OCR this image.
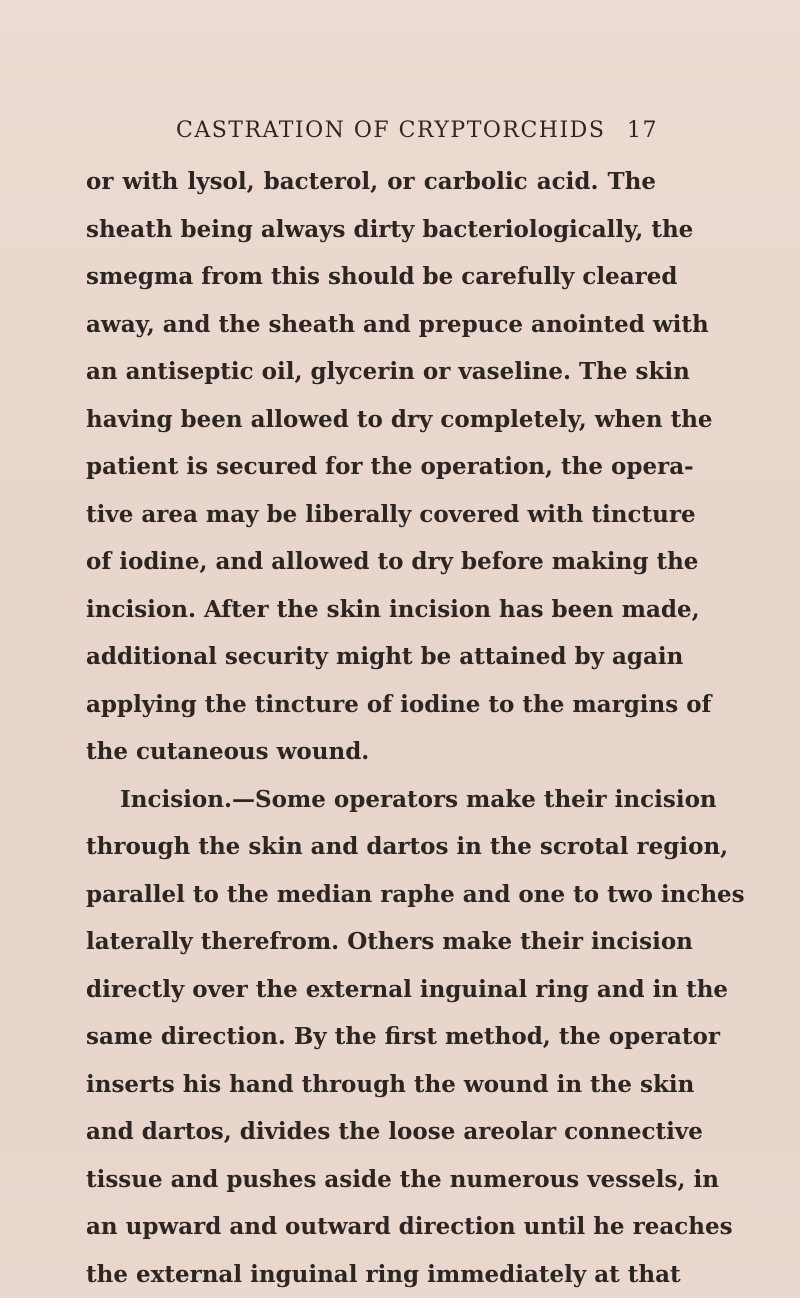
CASTRATION OF CRYPTORCHIDS 17
or with lysol, bacterol, or carbolic acid. The
sheath being always dirty bacteriologically, the
smegma from this should be carefully cleared
away, and the sheath and prepuce anointed with
an antiseptic oil, glycerin or vaseline. The skin
having been allowed to dry completely, when the
patient is secured for the operation, the opera-
tive area may be liberally covered with tincture
of iodine, and allowed to dry before making the
incision. After the skin incision has been made,
additional security might be attained by again
applying the tincture of iodine to the margins of
the cutaneous wound.
Incision.—Some operators make their incision
through the skin and dartos in the scrotal region,
parallel to the median raphe and one to two inches
laterally therefrom. Others make their incision
directly over the external inguinal ring and in the
same direction. By the first method, the operator
inserts his hand through the wound in the skin
and dartos, divides the loose areolar connective
tissue and pushes aside the numerous vessels, in
an upward and outward direction until he reaches
the external inguinal ring immediately at that
